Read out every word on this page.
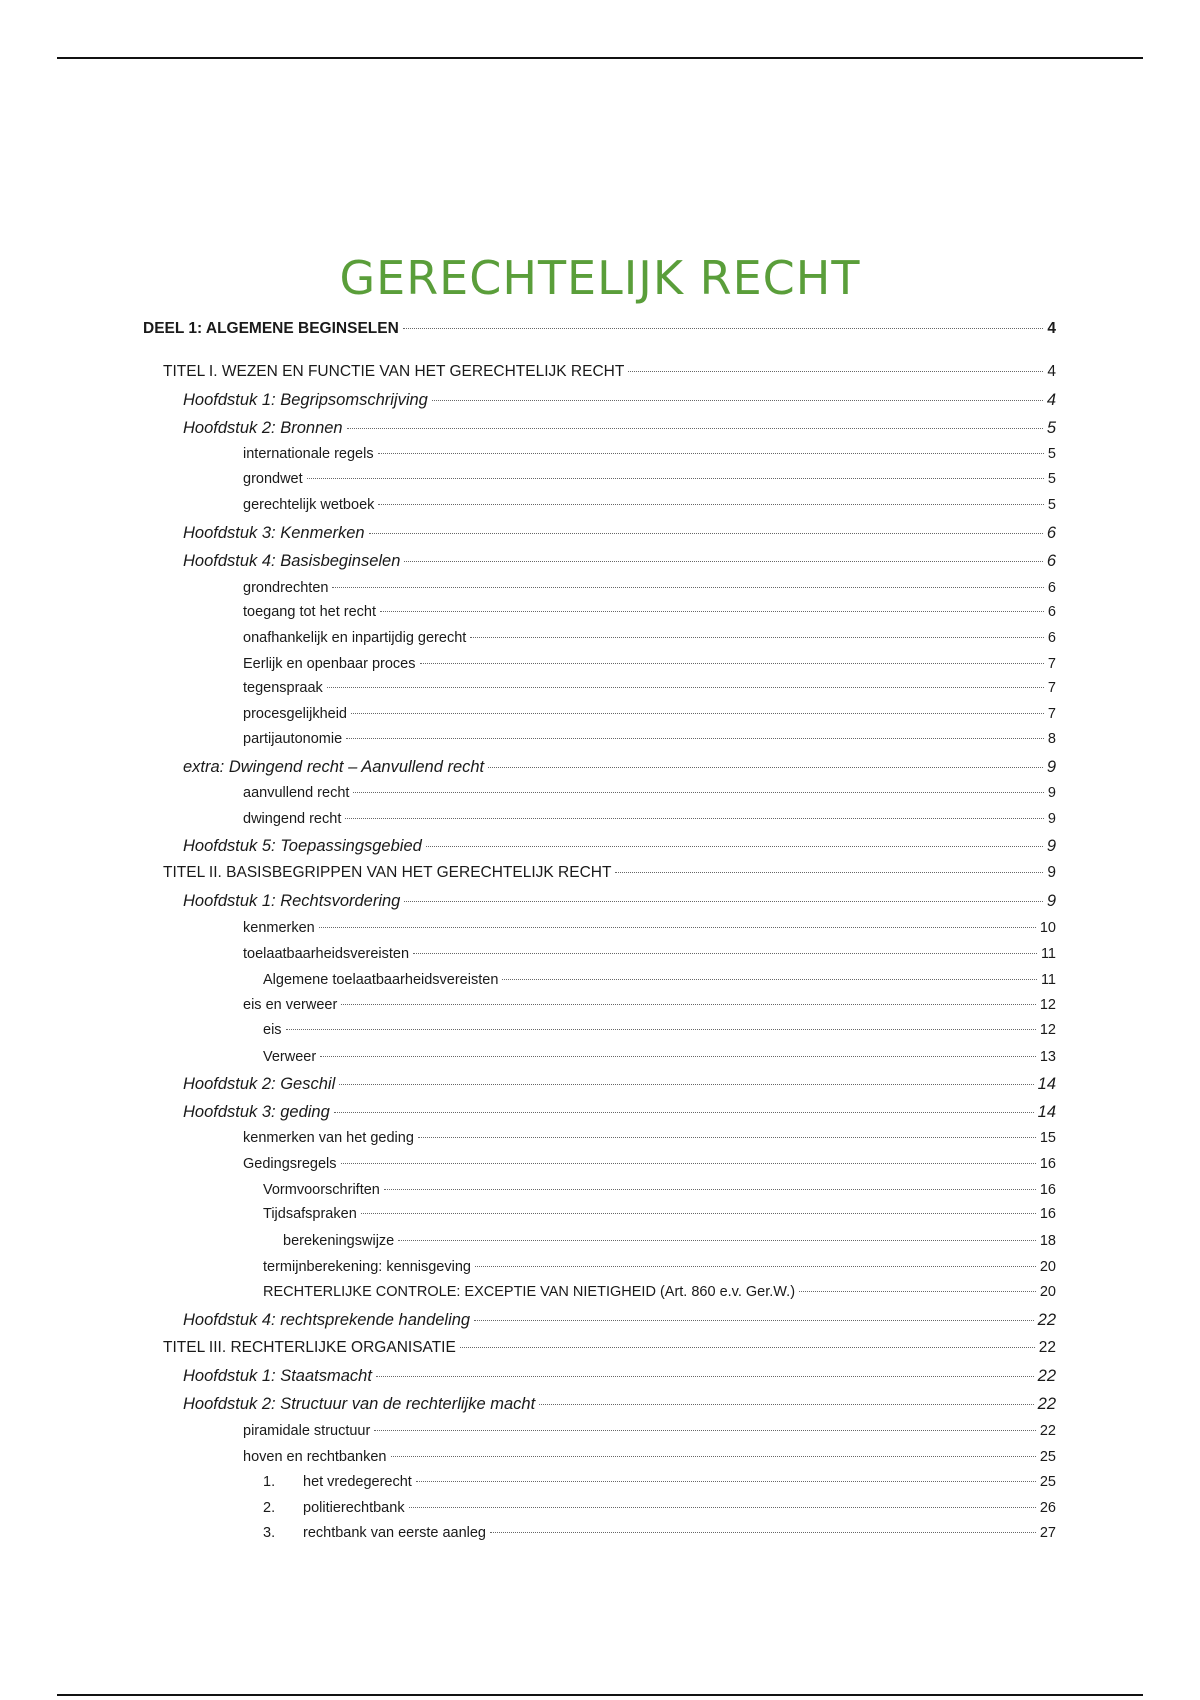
GERECHTELIJK RECHT
DEEL 1: ALGEMENE BEGINSELEN	4
TITEL I. WEZEN EN FUNCTIE VAN HET GERECHTELIJK RECHT	4
Hoofdstuk 1: Begripsomschrijving	4
Hoofdstuk 2: Bronnen	5
internationale regels	5
grondwet	5
gerechtelijk wetboek	5
Hoofdstuk 3: Kenmerken	6
Hoofdstuk 4: Basisbeginselen	6
grondrechten	6
toegang tot het recht	6
onafhankelijk en inpartijdig gerecht	6
Eerlijk en openbaar proces	7
tegenspraak	7
procesgelijkheid	7
partijautonomie	8
extra: Dwingend recht – Aanvullend recht	9
aanvullend recht	9
dwingend recht	9
Hoofdstuk 5: Toepassingsgebied	9
TITEL II. BASISBEGRIPPEN VAN HET GERECHTELIJK RECHT	9
Hoofdstuk 1: Rechtsvordering	9
kenmerken	10
toelaatbaarheidsvereisten	11
Algemene toelaatbaarheidsvereisten	11
eis en verweer	12
eis	12
Verweer	13
Hoofdstuk 2: Geschil	14
Hoofdstuk 3: geding	14
kenmerken van het geding	15
Gedingsregels	16
Vormvoorschriften	16
Tijdsafspraken	16
berekeningswijze	18
termijnberekening: kennisgeving	20
RECHTERLIJKE CONTROLE: EXCEPTIE VAN NIETIGHEID (Art. 860 e.v. Ger.W.)	20
Hoofdstuk 4: rechtsprekende handeling	22
TITEL III. RECHTERLIJKE ORGANISATIE	22
Hoofdstuk 1: Staatsmacht	22
Hoofdstuk 2: Structuur van de rechterlijke macht	22
piramidale structuur	22
hoven en rechtbanken	25
1.	het vredegerecht	25
2.	politierechtbank	26
3.	rechtbank van eerste aanleg	27
